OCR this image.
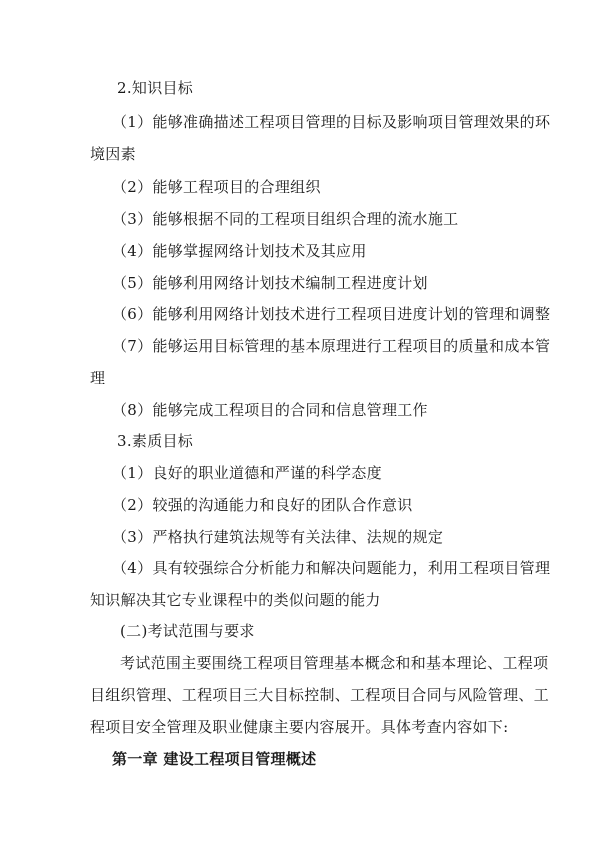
2.知识目标
（1）能够准确描述工程项目管理的目标及影响项目管理效果的环
境因素
（2）能够工程项目的合理组织
（3）能够根据不同的工程项目组织合理的流水施工
（4）能够掌握网络计划技术及其应用
（5）能够利用网络计划技术编制工程进度计划
（6）能够利用网络计划技术进行工程项目进度计划的管理和调整
（7）能够运用目标管理的基本原理进行工程项目的质量和成本管
理
（8）能够完成工程项目的合同和信息管理工作
3.素质目标
（1）良好的职业道德和严谨的科学态度
（2）较强的沟通能力和良好的团队合作意识
（3）严格执行建筑法规等有关法律、法规的规定
（4）具有较强综合分析能力和解决问题能力，利用工程项目管理
知识解决其它专业课程中的类似问题的能力
(二)考试范围与要求
考试范围主要围绕工程项目管理基本概念和和基本理论、工程项
目组织管理、工程项目三大目标控制、工程项目合同与风险管理、工
程项目安全管理及职业健康主要内容展开。具体考查内容如下:
第一章 建设工程项目管理概述
